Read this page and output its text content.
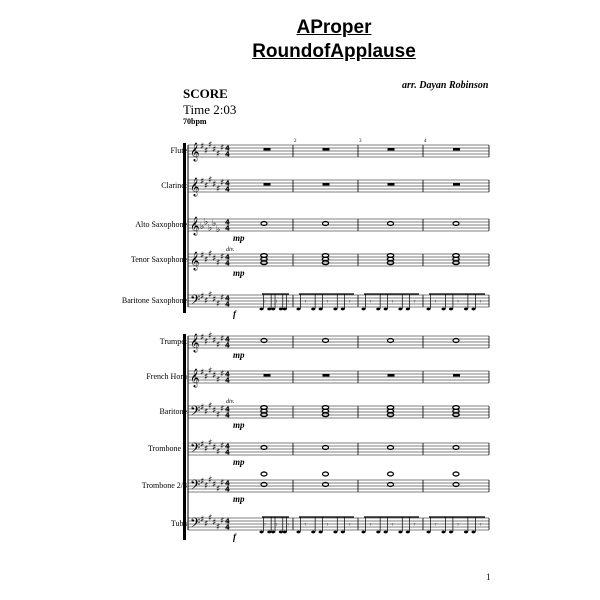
AProper
RoundofApplause
arr. Dayan Robinson
SCORE
Time 2:03
70bpm
2	3	4
𝄞 ♯ ♯
♯ ♯ ♯
♯ 4
4
𝄞 ♯ ♯
♯ ♯ ♯
♯ 4
4
𝄞 ♭ ♭
♭ ♭
♭
4
4
mp
𝄞 ♯ ♯
♯ ♯ ♯
♯ 4
4
mp
div.
𝄢 ♯ ♯
♯ ♯ ♯
♯ 4
4	𝄾 𝄾 𝄾 𝄾	𝄾	𝄾	𝄾	𝄾	𝄾	𝄾	𝄾	𝄾
f
𝄞 ♯ ♯
♯ ♯ ♯
♯ 4
4
mp
𝄞 ♯ ♯
♯ ♯ ♯
♯ 4
4
𝄢 ♯ ♯
♯ ♯ ♯
♯ 4
4
mp
div.
𝄢 ♯ ♯
♯ ♯ ♯
♯ 4
4
mp
𝄢 ♯ ♯
♯ ♯ ♯
♯ 4
4
mp
𝄢 ♯ ♯
♯ ♯ ♯
♯ 4
4	𝄾 𝄾 𝄾 𝄾	𝄾	𝄾	𝄾	𝄾	𝄾	𝄾	𝄾	𝄾
f
Flute
Clarinet
Alto Saxophone
Tenor Saxophone
Baritone Saxophone
Trumpet
French Horn
Baritone
Trombone 1
Trombone 2/3
Tuba
1
